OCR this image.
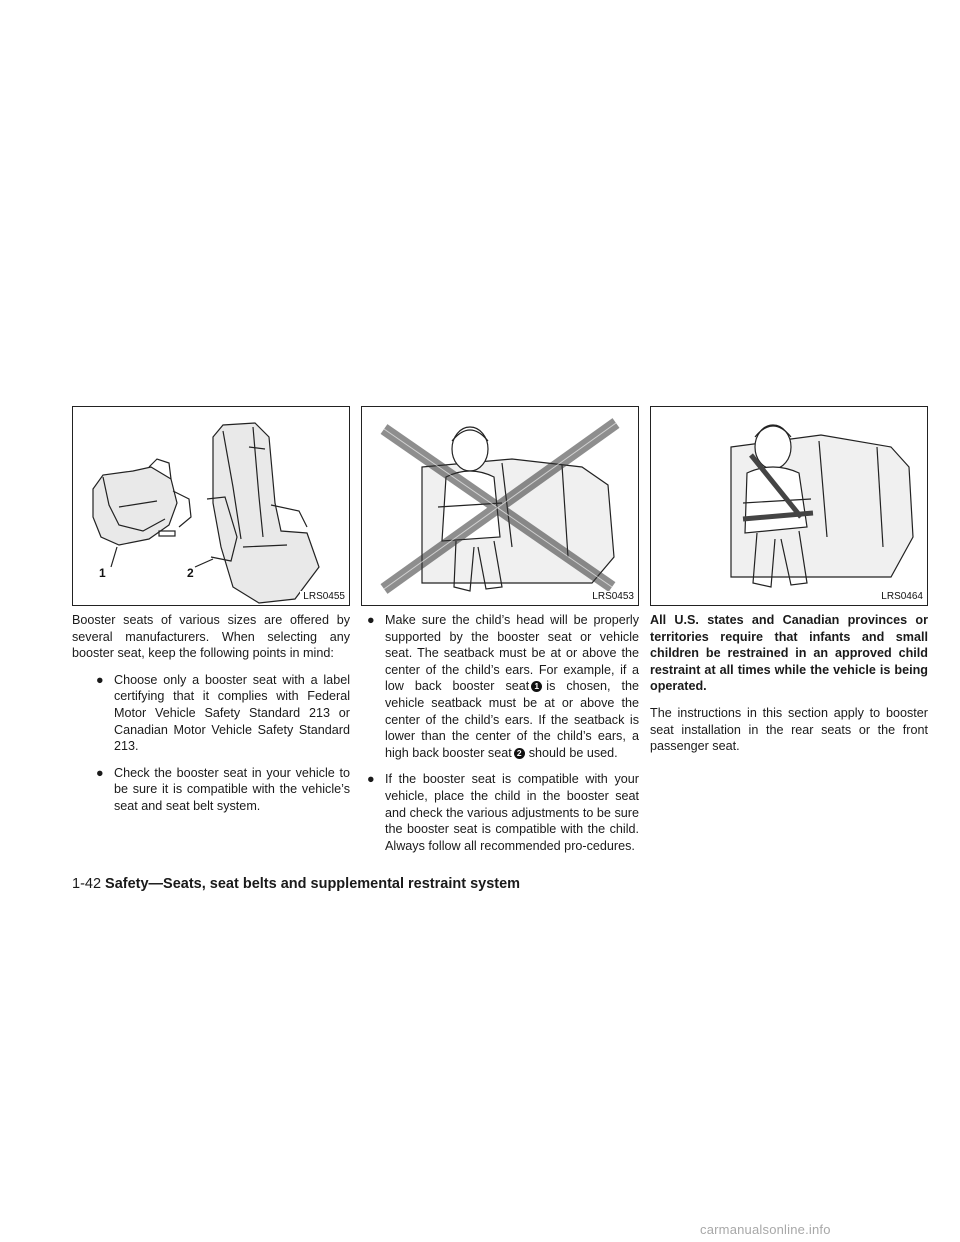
1	2
LRS0455	LRS0453	LRS0464

Booster seats of various sizes are offered by several manufacturers. When selecting any booster seat, keep the following points in mind:

● Choose only a booster seat with a label certifying that it complies with Federal Motor Vehicle Safety Standard 213 or Canadian Motor Vehicle Safety Standard 213.
● Check the booster seat in your vehicle to be sure it is compatible with the vehicle’s seat and seat belt system.
● Make sure the child’s head will be properly supported by the booster seat or vehicle seat. The seatback must be at or above the center of the child’s ears. For example, if a low back booster seat 1 is chosen, the vehicle seatback must be at or above the center of the child’s ears. If the seatback is lower than the center of the child’s ears, a high back booster seat 2 should be used.
● If the booster seat is compatible with your vehicle, place the child in the booster seat and check the various adjustments to be sure the booster seat is compatible with the child. Always follow all recommended pro-cedures.

All U.S. states and Canadian provinces or territories require that infants and small children be restrained in an approved child restraint at all times while the vehicle is being operated.

The instructions in this section apply to booster seat installation in the rear seats or the front passenger seat.

1-42 Safety—Seats, seat belts and supplemental restraint system
carmanualsonline.info
